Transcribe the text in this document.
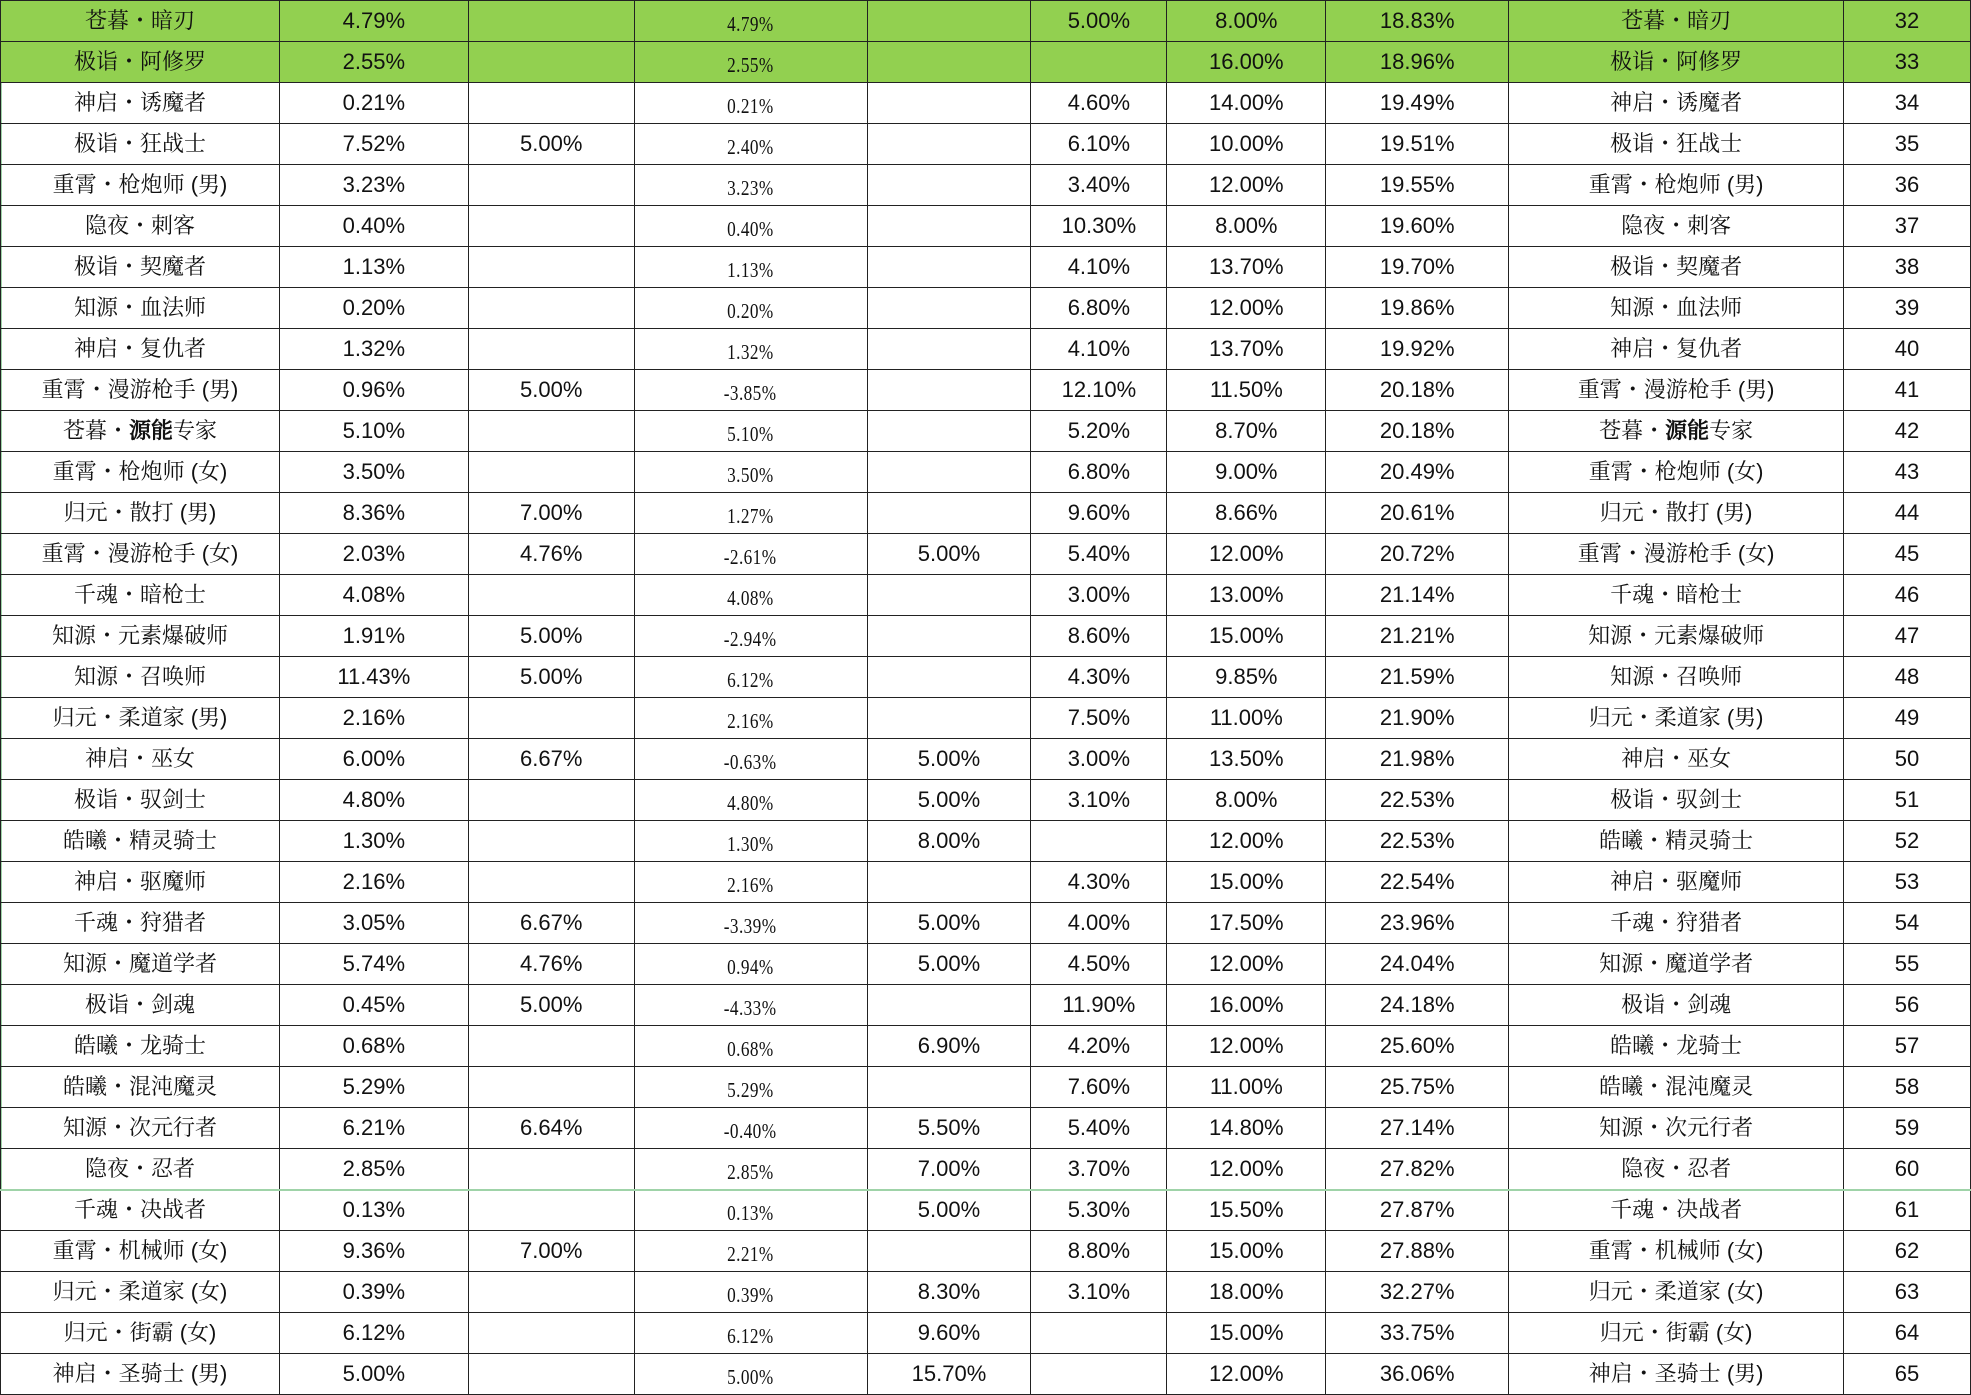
苍暮・暗刃	4.79%		4.79%		5.00%	8.00%	18.83%	苍暮・暗刃	32
极诣・阿修罗	2.55%		2.55%			16.00%	18.96%	极诣・阿修罗	33
神启・诱魔者	0.21%		0.21%		4.60%	14.00%	19.49%	神启・诱魔者	34
极诣・狂战士	7.52%	5.00%	2.40%		6.10%	10.00%	19.51%	极诣・狂战士	35
重霄・枪炮师 (男)	3.23%		3.23%		3.40%	12.00%	19.55%	重霄・枪炮师 (男)	36
隐夜・刺客	0.40%		0.40%		10.30%	8.00%	19.60%	隐夜・刺客	37
极诣・契魔者	1.13%		1.13%		4.10%	13.70%	19.70%	极诣・契魔者	38
知源・血法师	0.20%		0.20%		6.80%	12.00%	19.86%	知源・血法师	39
神启・复仇者	1.32%		1.32%		4.10%	13.70%	19.92%	神启・复仇者	40
重霄・漫游枪手 (男)	0.96%	5.00%	-3.85%		12.10%	11.50%	20.18%	重霄・漫游枪手 (男)	41
苍暮・源能专家	5.10%		5.10%		5.20%	8.70%	20.18%	苍暮・源能专家	42
重霄・枪炮师 (女)	3.50%		3.50%		6.80%	9.00%	20.49%	重霄・枪炮师 (女)	43
归元・散打 (男)	8.36%	7.00%	1.27%		9.60%	8.66%	20.61%	归元・散打 (男)	44
重霄・漫游枪手 (女)	2.03%	4.76%	-2.61%	5.00%	5.40%	12.00%	20.72%	重霄・漫游枪手 (女)	45
千魂・暗枪士	4.08%		4.08%		3.00%	13.00%	21.14%	千魂・暗枪士	46
知源・元素爆破师	1.91%	5.00%	-2.94%		8.60%	15.00%	21.21%	知源・元素爆破师	47
知源・召唤师	11.43%	5.00%	6.12%		4.30%	9.85%	21.59%	知源・召唤师	48
归元・柔道家 (男)	2.16%		2.16%		7.50%	11.00%	21.90%	归元・柔道家 (男)	49
神启・巫女	6.00%	6.67%	-0.63%	5.00%	3.00%	13.50%	21.98%	神启・巫女	50
极诣・驭剑士	4.80%		4.80%	5.00%	3.10%	8.00%	22.53%	极诣・驭剑士	51
皓曦・精灵骑士	1.30%		1.30%	8.00%		12.00%	22.53%	皓曦・精灵骑士	52
神启・驱魔师	2.16%		2.16%		4.30%	15.00%	22.54%	神启・驱魔师	53
千魂・狩猎者	3.05%	6.67%	-3.39%	5.00%	4.00%	17.50%	23.96%	千魂・狩猎者	54
知源・魔道学者	5.74%	4.76%	0.94%	5.00%	4.50%	12.00%	24.04%	知源・魔道学者	55
极诣・剑魂	0.45%	5.00%	-4.33%		11.90%	16.00%	24.18%	极诣・剑魂	56
皓曦・龙骑士	0.68%		0.68%	6.90%	4.20%	12.00%	25.60%	皓曦・龙骑士	57
皓曦・混沌魔灵	5.29%		5.29%		7.60%	11.00%	25.75%	皓曦・混沌魔灵	58
知源・次元行者	6.21%	6.64%	-0.40%	5.50%	5.40%	14.80%	27.14%	知源・次元行者	59
隐夜・忍者	2.85%		2.85%	7.00%	3.70%	12.00%	27.82%	隐夜・忍者	60
千魂・决战者	0.13%		0.13%	5.00%	5.30%	15.50%	27.87%	千魂・决战者	61
重霄・机械师 (女)	9.36%	7.00%	2.21%		8.80%	15.00%	27.88%	重霄・机械师 (女)	62
归元・柔道家 (女)	0.39%		0.39%	8.30%	3.10%	18.00%	32.27%	归元・柔道家 (女)	63
归元・街霸 (女)	6.12%		6.12%	9.60%		15.00%	33.75%	归元・街霸 (女)	64
神启・圣骑士 (男)	5.00%		5.00%	15.70%		12.00%	36.06%	神启・圣骑士 (男)	65
